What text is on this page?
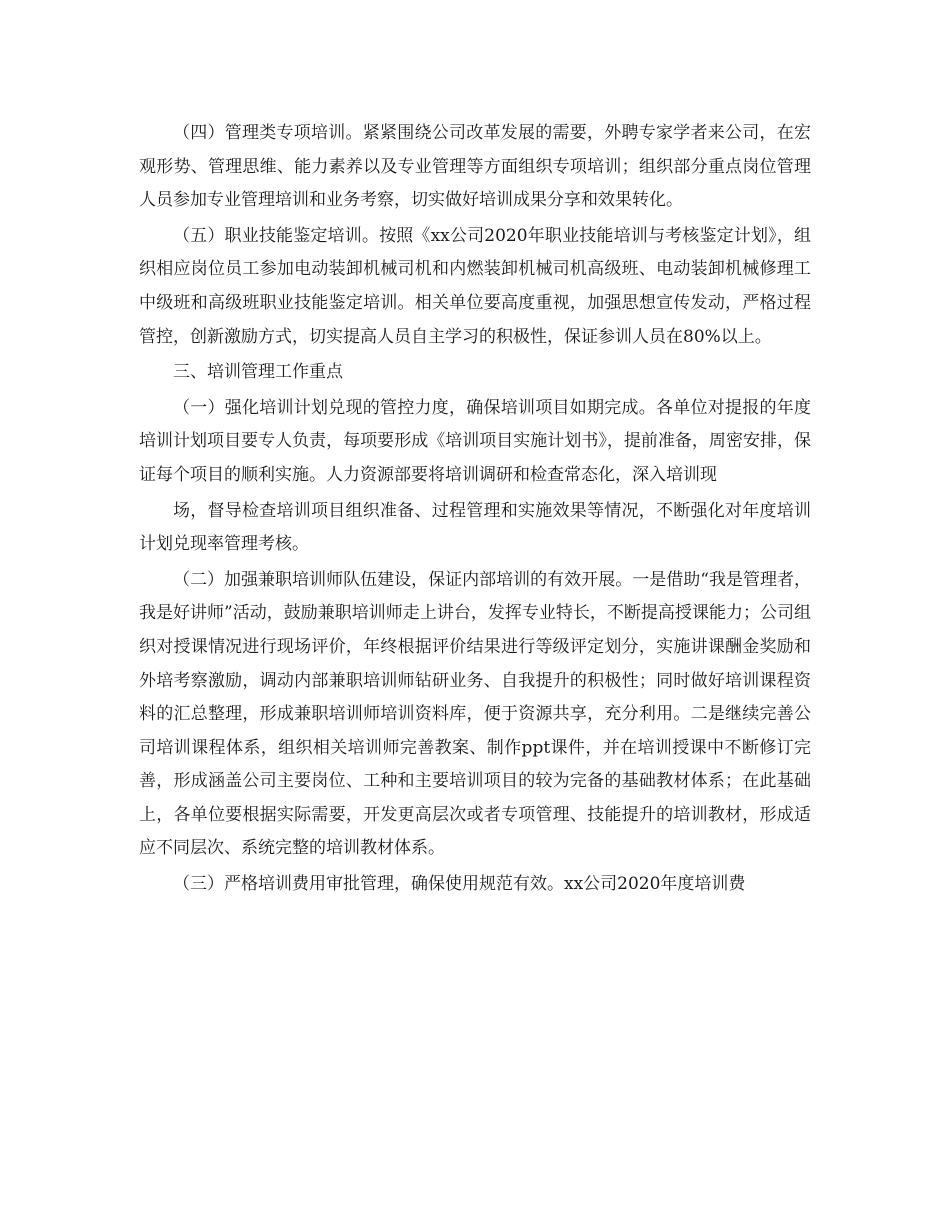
（四）管理类专项培训。紧紧围绕公司改革发展的需要，外聘专家学者来公司，在宏观形势、管理思维、能力素养以及专业管理等方面组织专项培训；组织部分重点岗位管理人员参加专业管理培训和业务考察，切实做好培训成果分享和效果转化。

（五）职业技能鉴定培训。按照《xx公司2020年职业技能培训与考核鉴定计划》，组织相应岗位员工参加电动装卸机械司机和内燃装卸机械司机高级班、电动装卸机械修理工中级班和高级班职业技能鉴定培训。相关单位要高度重视，加强思想宣传发动，严格过程管控，创新激励方式，切实提高人员自主学习的积极性，保证参训人员在80%以上。

三、培训管理工作重点

（一）强化培训计划兑现的管控力度，确保培训项目如期完成。各单位对提报的年度培训计划项目要专人负责，每项要形成《培训项目实施计划书》，提前准备，周密安排，保证每个项目的顺利实施。人力资源部要将培训调研和检查常态化，深入培训现

场，督导检查培训项目组织准备、过程管理和实施效果等情况，不断强化对年度培训计划兑现率管理考核。

（二）加强兼职培训师队伍建设，保证内部培训的有效开展。一是借助“我是管理者，我是好讲师”活动，鼓励兼职培训师走上讲台，发挥专业特长，不断提高授课能力；公司组织对授课情况进行现场评价，年终根据评价结果进行等级评定划分，实施讲课酬金奖励和外培考察激励，调动内部兼职培训师钻研业务、自我提升的积极性；同时做好培训课程资料的汇总整理，形成兼职培训师培训资料库，便于资源共享，充分利用。二是继续完善公司培训课程体系，组织相关培训师完善教案、制作ppt课件，并在培训授课中不断修订完善，形成涵盖公司主要岗位、工种和主要培训项目的较为完备的基础教材体系；在此基础上，各单位要根据实际需要，开发更高层次或者专项管理、技能提升的培训教材，形成适应不同层次、系统完整的培训教材体系。

（三）严格培训费用审批管理，确保使用规范有效。xx公司2020年度培训费
